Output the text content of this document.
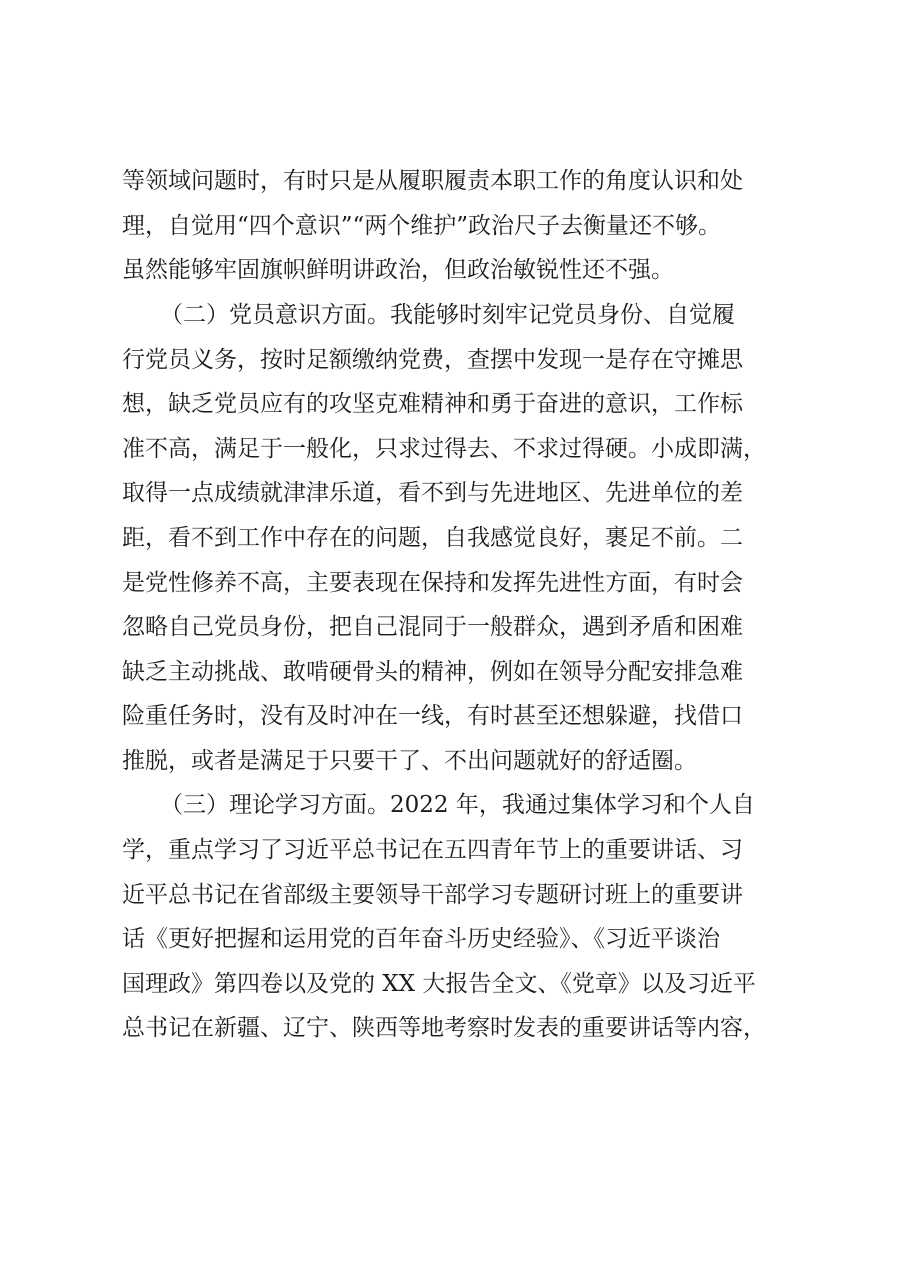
等领域问题时，有时只是从履职履责本职工作的角度认识和处
理，自觉用“四个意识”“两个维护”政治尺子去衡量还不够。
虽然能够牢固旗帜鲜明讲政治，但政治敏锐性还不强。
（二）党员意识方面。我能够时刻牢记党员身份、自觉履
行党员义务，按时足额缴纳党费，查摆中发现一是存在守摊思
想，缺乏党员应有的攻坚克难精神和勇于奋进的意识，工作标
准不高，满足于一般化，只求过得去、不求过得硬。小成即满，
取得一点成绩就津津乐道，看不到与先进地区、先进单位的差
距，看不到工作中存在的问题，自我感觉良好，裹足不前。二
是党性修养不高，主要表现在保持和发挥先进性方面，有时会
忽略自己党员身份，把自己混同于一般群众，遇到矛盾和困难
缺乏主动挑战、敢啃硬骨头的精神，例如在领导分配安排急难
险重任务时，没有及时冲在一线，有时甚至还想躲避，找借口
推脱，或者是满足于只要干了、不出问题就好的舒适圈。
（三）理论学习方面。2022 年，我通过集体学习和个人自
学，重点学习了习近平总书记在五四青年节上的重要讲话、习
近平总书记在省部级主要领导干部学习专题研讨班上的重要讲
话《更好把握和运用党的百年奋斗历史经验》、《习近平谈治
国理政》第四卷以及党的 XX 大报告全文、《党章》以及习近平
总书记在新疆、辽宁、陕西等地考察时发表的重要讲话等内容，
